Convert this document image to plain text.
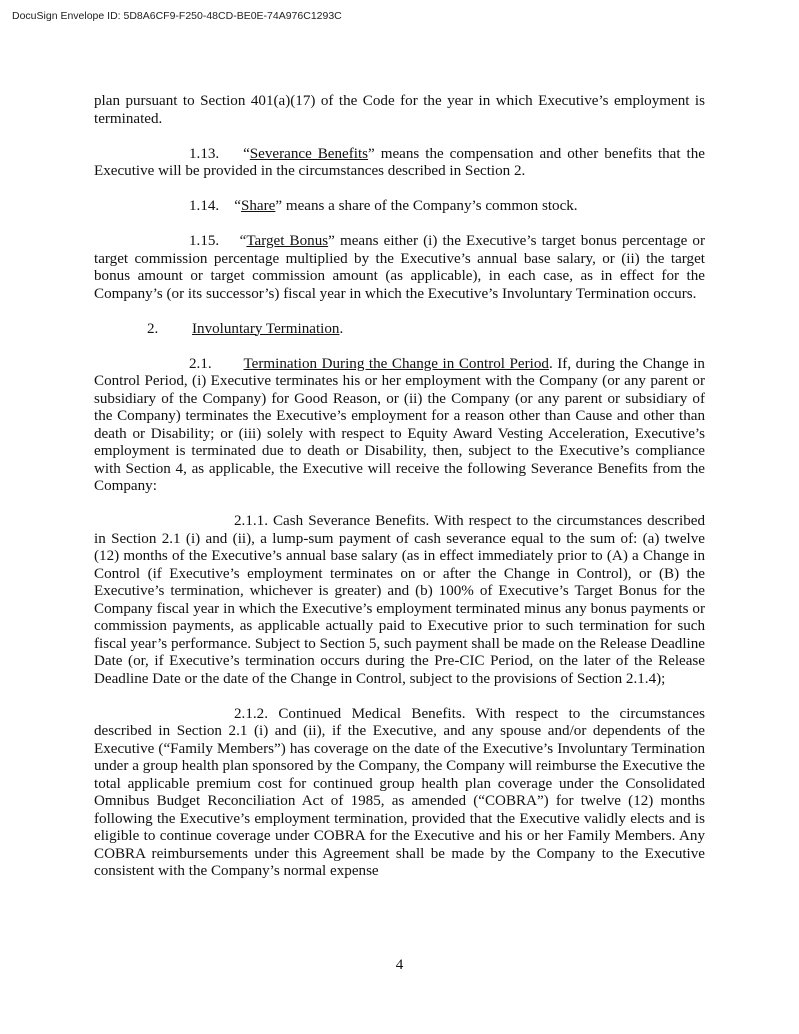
DocuSign Envelope ID: 5D8A6CF9-F250-48CD-BE0E-74A976C1293C

plan pursuant to Section 401(a)(17) of the Code for the year in which Executive’s employment is terminated.

1.13. “Severance Benefits” means the compensation and other benefits that the Executive will be provided in the circumstances described in Section 2.

1.14. “Share” means a share of the Company’s common stock.

1.15. “Target Bonus” means either (i) the Executive’s target bonus percentage or target commission percentage multiplied by the Executive’s annual base salary, or (ii) the target bonus amount or target commission amount (as applicable), in each case, as in effect for the Company’s (or its successor’s) fiscal year in which the Executive’s Involuntary Termination occurs.

2. Involuntary Termination.

2.1. Termination During the Change in Control Period. If, during the Change in Control Period, (i) Executive terminates his or her employment with the Company (or any parent or subsidiary of the Company) for Good Reason, or (ii) the Company (or any parent or subsidiary of the Company) terminates the Executive’s employment for a reason other than Cause and other than death or Disability; or (iii) solely with respect to Equity Award Vesting Acceleration, Executive’s employment is terminated due to death or Disability, then, subject to the Executive’s compliance with Section 4, as applicable, the Executive will receive the following Severance Benefits from the Company:

2.1.1. Cash Severance Benefits. With respect to the circumstances described in Section 2.1 (i) and (ii), a lump-sum payment of cash severance equal to the sum of: (a) twelve (12) months of the Executive’s annual base salary (as in effect immediately prior to (A) a Change in Control (if Executive’s employment terminates on or after the Change in Control), or (B) the Executive’s termination, whichever is greater) and (b) 100% of Executive’s Target Bonus for the Company fiscal year in which the Executive’s employment terminated minus any bonus payments or commission payments, as applicable actually paid to Executive prior to such termination for such fiscal year’s performance. Subject to Section 5, such payment shall be made on the Release Deadline Date (or, if Executive’s termination occurs during the Pre-CIC Period, on the later of the Release Deadline Date or the date of the Change in Control, subject to the provisions of Section 2.1.4);

2.1.2. Continued Medical Benefits. With respect to the circumstances described in Section 2.1 (i) and (ii), if the Executive, and any spouse and/or dependents of the Executive (“Family Members”) has coverage on the date of the Executive’s Involuntary Termination under a group health plan sponsored by the Company, the Company will reimburse the Executive the total applicable premium cost for continued group health plan coverage under the Consolidated Omnibus Budget Reconciliation Act of 1985, as amended (“COBRA”) for twelve (12) months following the Executive’s employment termination, provided that the Executive validly elects and is eligible to continue coverage under COBRA for the Executive and his or her Family Members. Any COBRA reimbursements under this Agreement shall be made by the Company to the Executive consistent with the Company’s normal expense

4
